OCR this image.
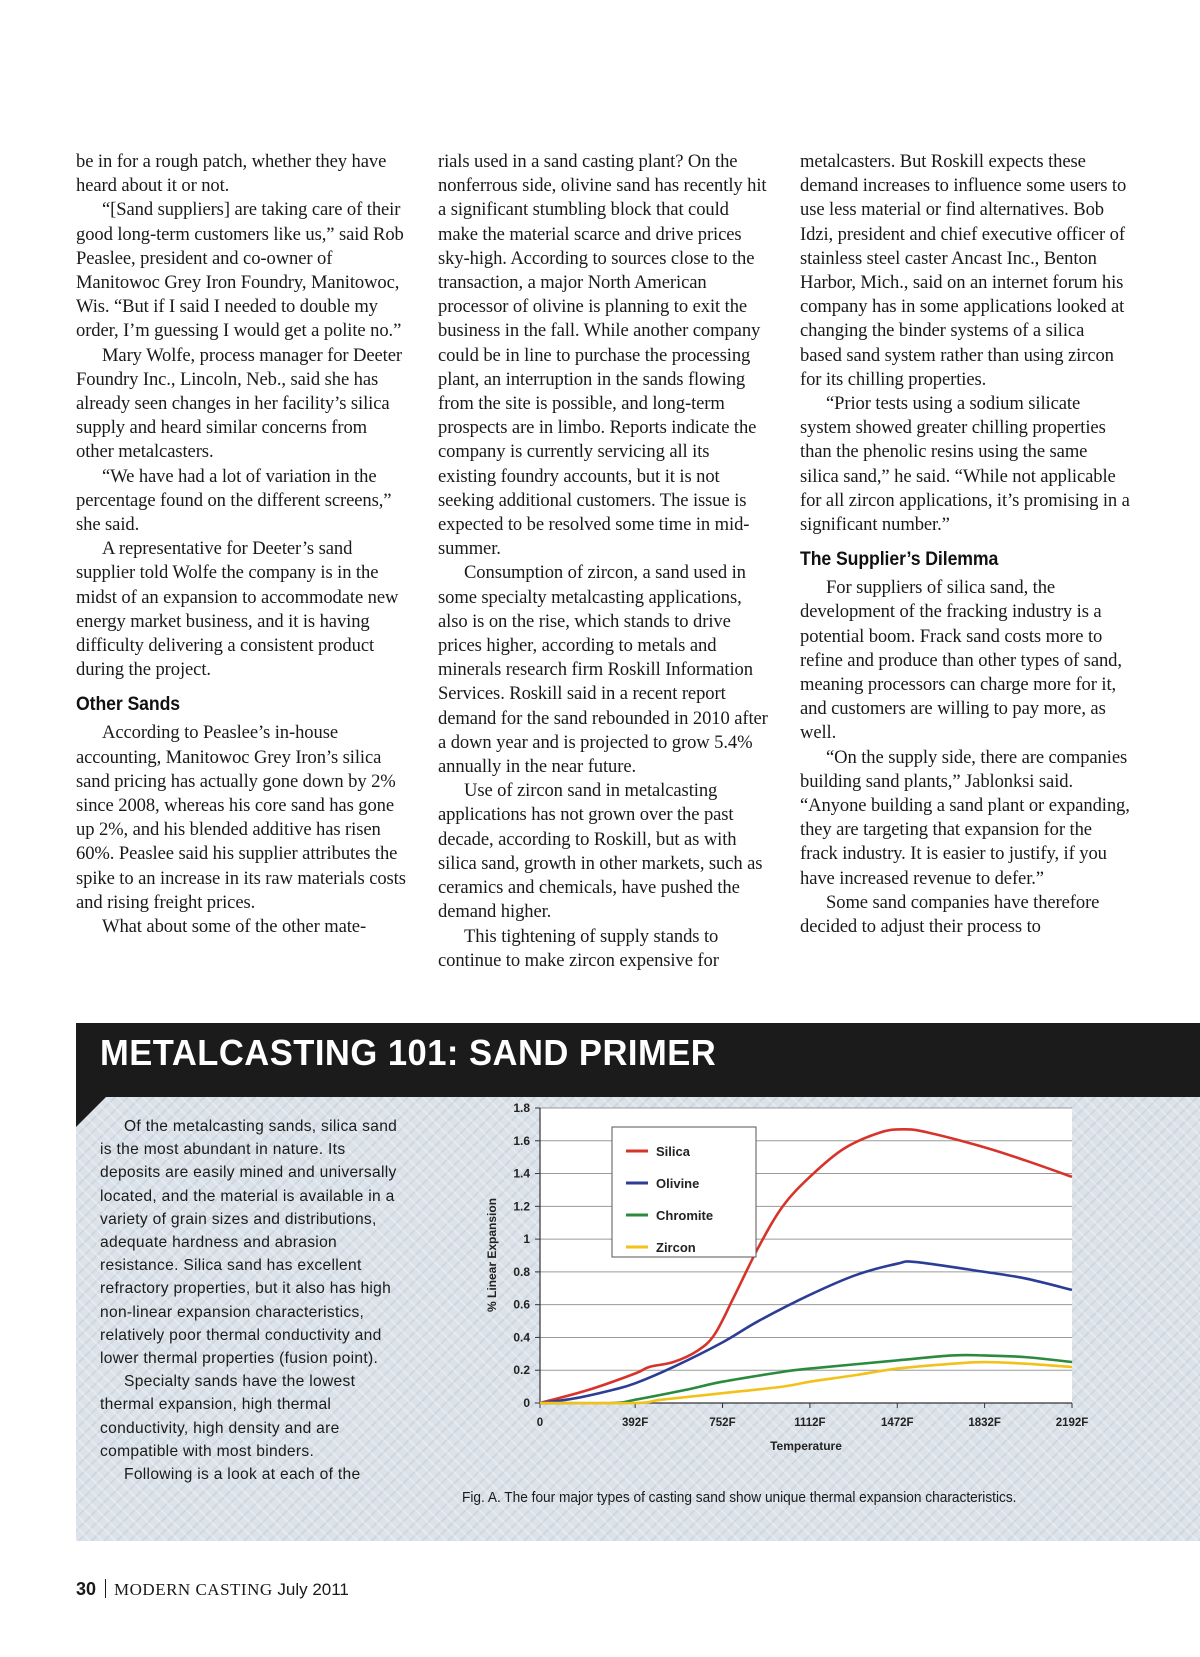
be in for a rough patch, whether they have heard about it or not.

“[Sand suppliers] are taking care of their good long-term customers like us,” said Rob Peaslee, president and co-owner of Manitowoc Grey Iron Foundry, Manitowoc, Wis. “But if I said I needed to double my order, I’m guessing I would get a polite no.”

Mary Wolfe, process manager for Deeter Foundry Inc., Lincoln, Neb., said she has already seen changes in her facility’s silica supply and heard similar concerns from other metalcasters.

“We have had a lot of variation in the percentage found on the different screens,” she said.

A representative for Deeter’s sand supplier told Wolfe the company is in the midst of an expansion to accommodate new energy market business, and it is having difficulty delivering a consistent product during the project.

Other Sands

According to Peaslee’s in-house accounting, Manitowoc Grey Iron’s silica sand pricing has actually gone down by 2% since 2008, whereas his core sand has gone up 2%, and his blended additive has risen 60%. Peaslee said his supplier attributes the spike to an increase in its raw materials costs and rising freight prices.

What about some of the other mate-

rials used in a sand casting plant? On the nonferrous side, olivine sand has recently hit a significant stumbling block that could make the material scarce and drive prices sky-high. According to sources close to the transaction, a major North American processor of olivine is planning to exit the business in the fall. While another company could be in line to purchase the processing plant, an interruption in the sands flowing from the site is possible, and long-term prospects are in limbo. Reports indicate the company is currently servicing all its existing foundry accounts, but it is not seeking additional customers. The issue is expected to be resolved some time in mid-summer.

Consumption of zircon, a sand used in some specialty metalcasting applications, also is on the rise, which stands to drive prices higher, according to metals and minerals research firm Roskill Information Services. Roskill said in a recent report demand for the sand rebounded in 2010 after a down year and is projected to grow 5.4% annually in the near future.

Use of zircon sand in metalcasting applications has not grown over the past decade, according to Roskill, but as with silica sand, growth in other markets, such as ceramics and chemicals, have pushed the demand higher.

This tightening of supply stands to continue to make zircon expensive for

metalcasters. But Roskill expects these demand increases to influence some users to use less material or find alternatives. Bob Idzi, president and chief executive officer of stainless steel caster Ancast Inc., Benton Harbor, Mich., said on an internet forum his company has in some applications looked at changing the binder systems of a silica based sand system rather than using zircon for its chilling properties.

“Prior tests using a sodium silicate system showed greater chilling properties than the phenolic resins using the same silica sand,” he said. “While not applicable for all zircon applications, it’s promising in a significant number.”

The Supplier’s Dilemma

For suppliers of silica sand, the development of the fracking industry is a potential boom. Frack sand costs more to refine and produce than other types of sand, meaning processors can charge more for it, and customers are willing to pay more, as well.

“On the supply side, there are companies building sand plants,” Jablonksi said. “Anyone building a sand plant or expanding, they are targeting that expansion for the frack industry. It is easier to justify, if you have increased revenue to defer.”

Some sand companies have therefore decided to adjust their process to

METALCASTING 101: SAND PRIMER

Of the metalcasting sands, silica sand is the most abundant in nature. Its deposits are easily mined and universally located, and the material is available in a variety of grain sizes and distributions, adequate hardness and abrasion resistance. Silica sand has excellent refractory properties, but it also has high non-linear expansion characteristics, relatively poor thermal conductivity and lower thermal properties (fusion point).

Specialty sands have the lowest thermal expansion, high thermal conductivity, high density and are compatible with most binders.

Following is a look at each of the

0
0.2
0.4
0.6
0.8
1
1.2
1.4
1.6
1.8
0	392F	752F	1112F	1472F	1832F	2192F
Silica
Olivine
Chromite
Zircon
% Linear Expansion
Temperature
Fig. A. The four major types of casting sand show unique thermal expansion characteristics.
30 MODERN CASTING July 2011
